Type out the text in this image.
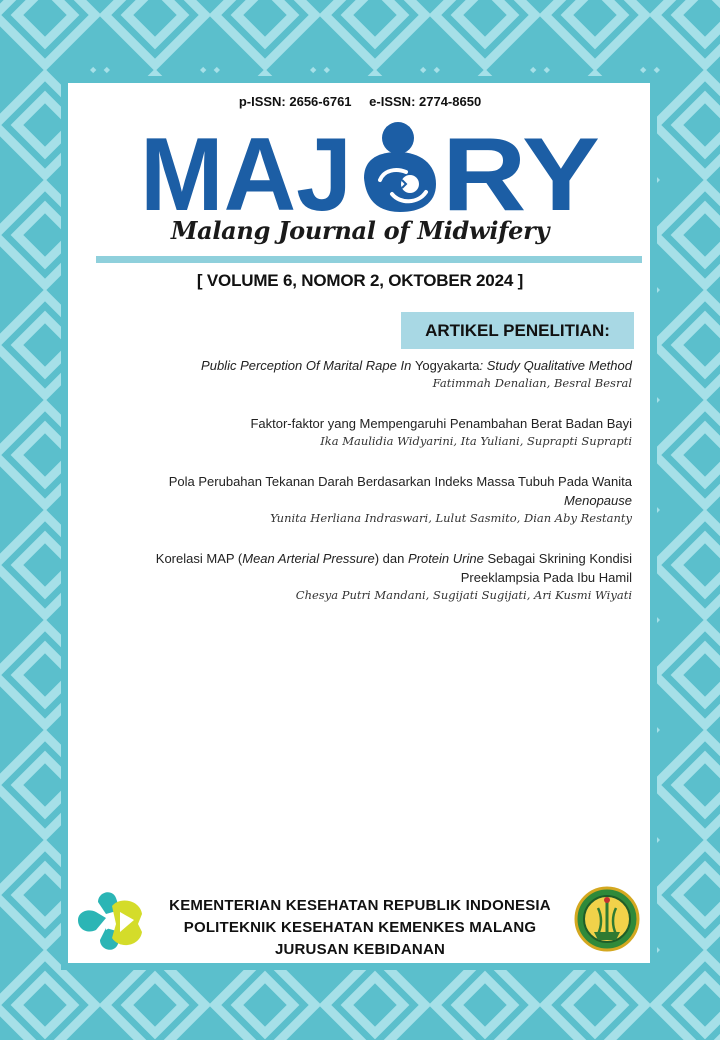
p-ISSN: 2656-6761 e-ISSN: 2774-8650
MAJ RY
Malang Journal of Midwifery
[ VOLUME 6, NOMOR 2, OKTOBER 2024 ]
ARTIKEL PENELITIAN:
Public Perception Of Marital Rape In Yogyakarta: Study Qualitative Method
Fatimmah Denalian, Besral Besral
Faktor-faktor yang Mempengaruhi Penambahan Berat Badan Bayi
Ika Maulidia Widyarini, Ita Yuliani, Suprapti Suprapti
Pola Perubahan Tekanan Darah Berdasarkan Indeks Massa Tubuh Pada Wanita Menopause
Yunita Herliana Indraswari, Lulut Sasmito, Dian Aby Restanty
Korelasi MAP (Mean Arterial Pressure) dan Protein Urine Sebagai Skrining Kondisi Preeklampsia Pada Ibu Hamil
Chesya Putri Mandani, Sugijati Sugijati, Ari Kusmi Wiyati
KEMENTERIAN KESEHATAN REPUBLIK INDONESIA
POLITEKNIK KESEHATAN KEMENKES MALANG
JURUSAN KEBIDANAN
